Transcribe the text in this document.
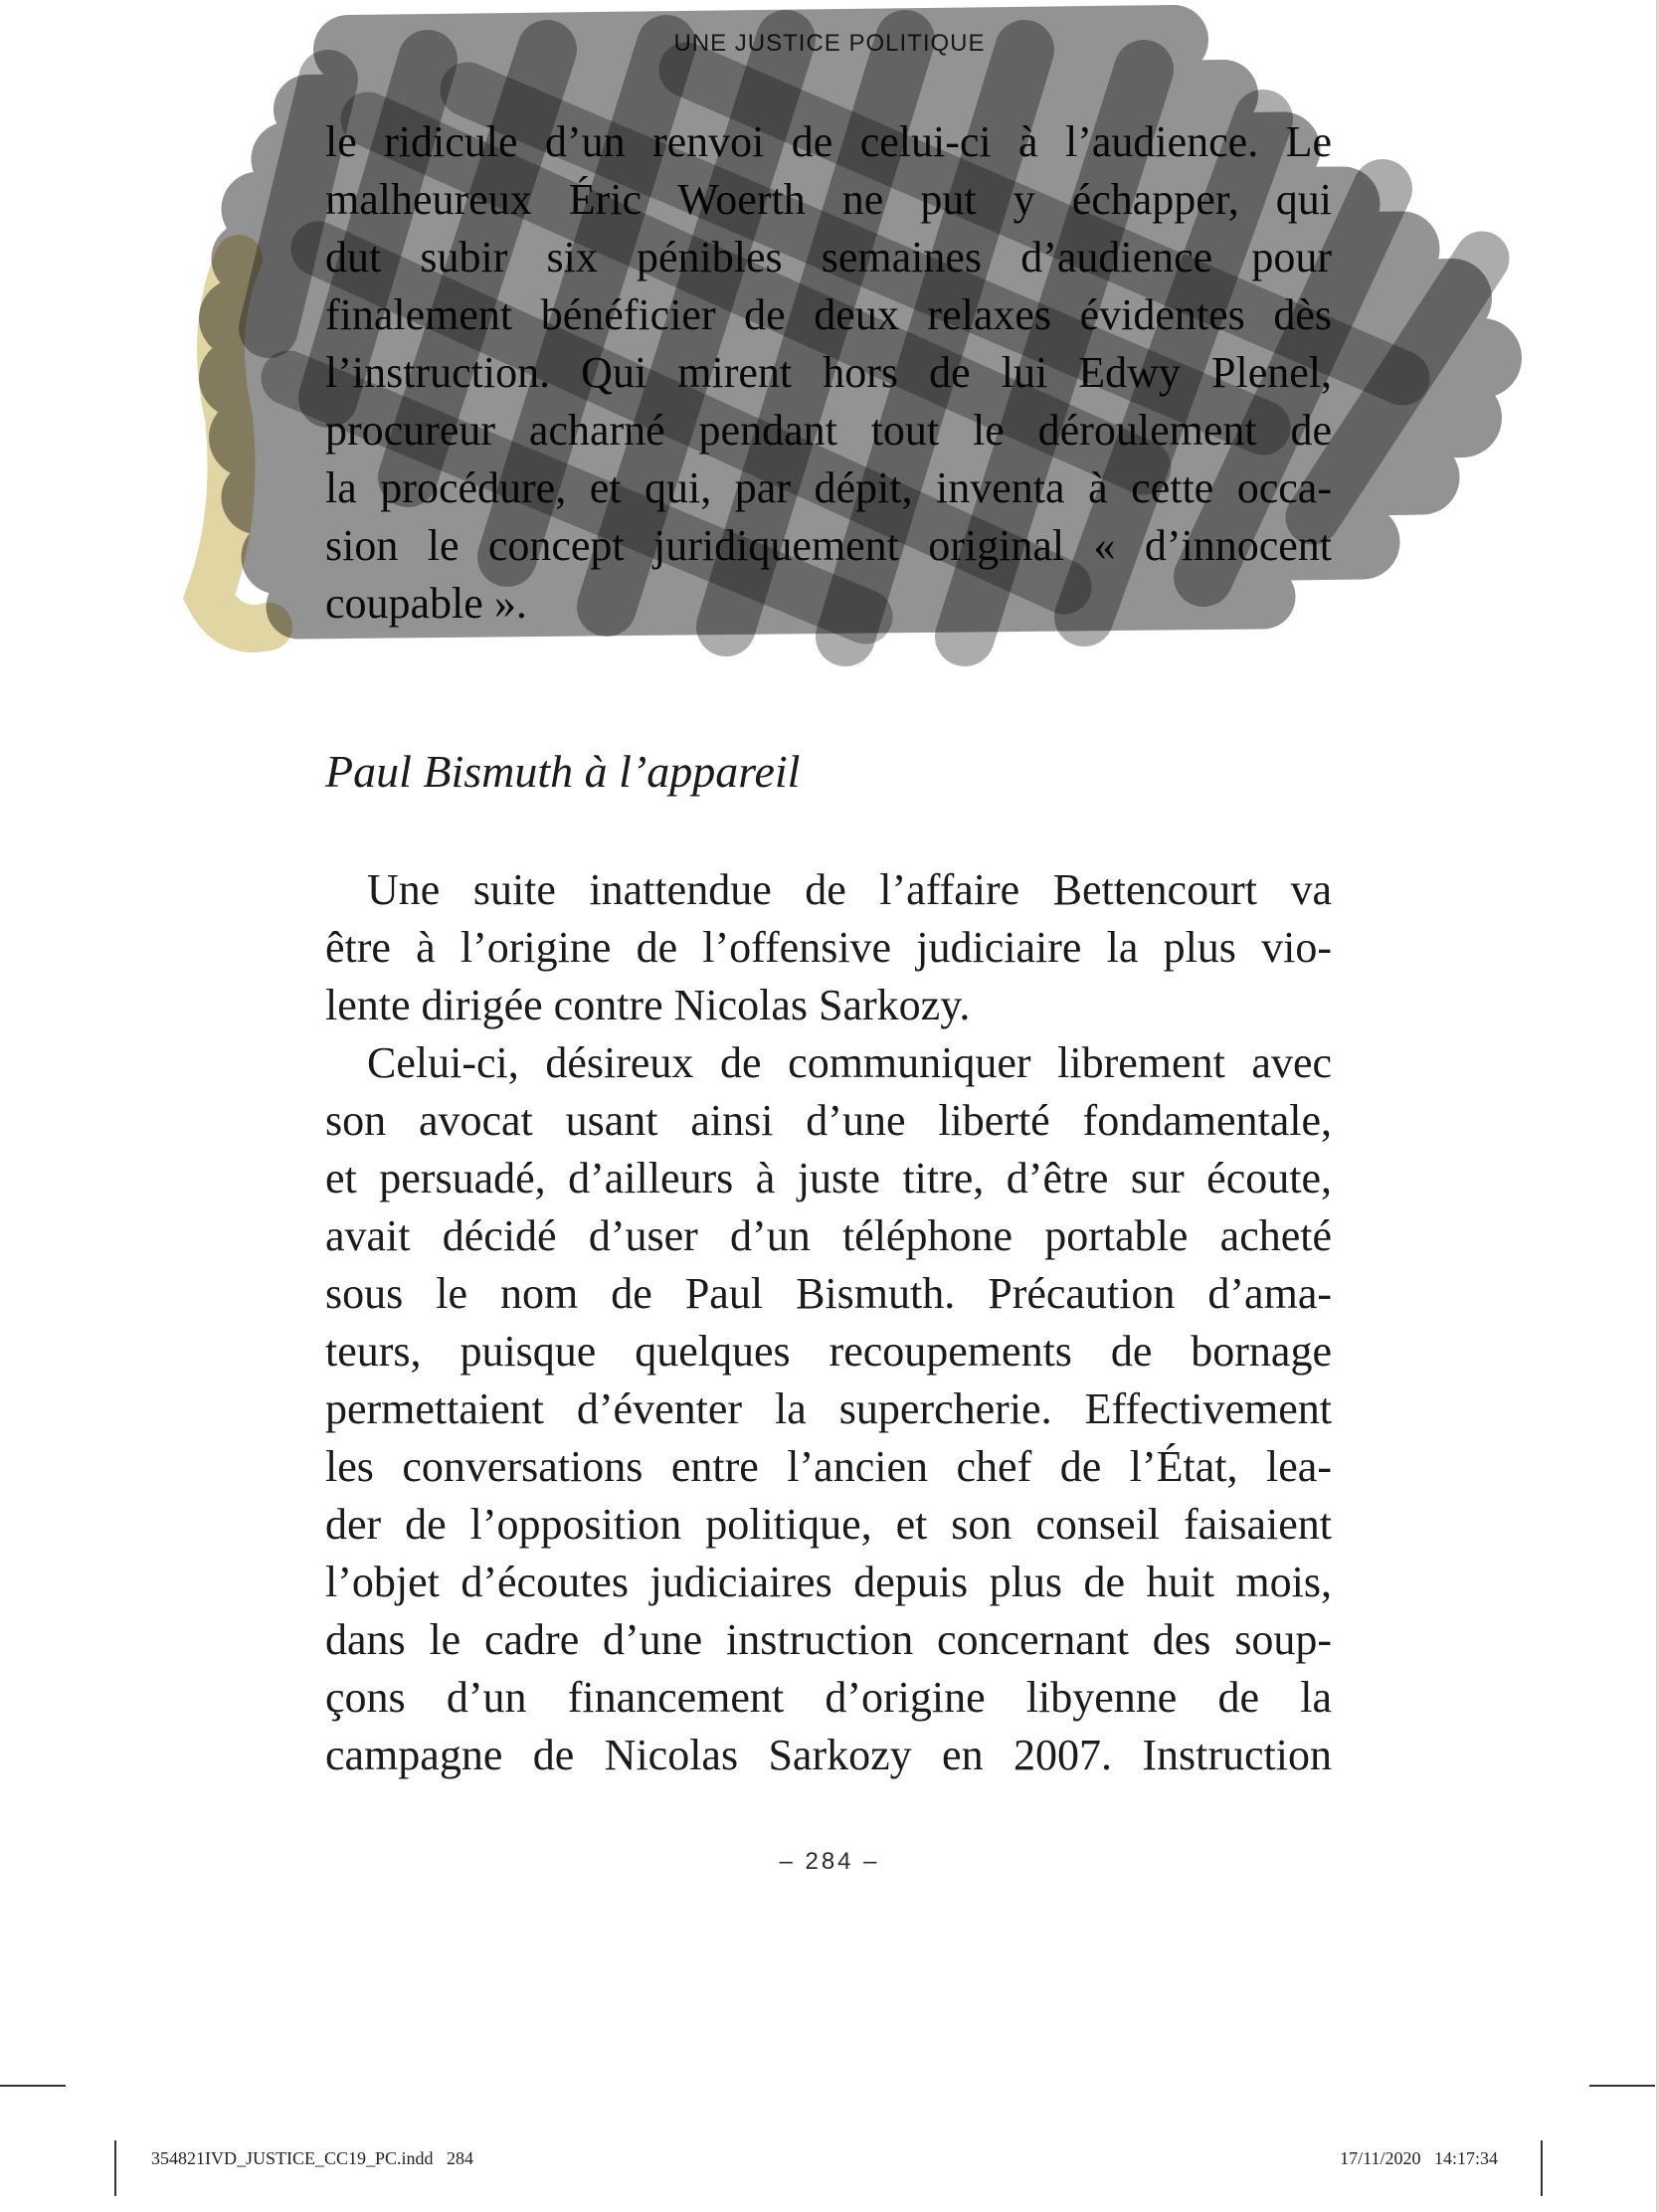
UNE JUSTICE POLITIQUE
le ridicule d’un renvoi de celui-ci à l’audience. Le
malheureux Éric Woerth ne put y échapper, qui
dut subir six pénibles semaines d’audience pour
finalement bénéficier de deux relaxes évidentes dès
l’instruction. Qui mirent hors de lui Edwy Plenel,
procureur acharné pendant tout le déroulement de
la procédure, et qui, par dépit, inventa à cette occa-
sion le concept juridiquement original « d’innocent
coupable ».
Paul Bismuth à l’appareil
Une suite inattendue de l’affaire Bettencourt va
être à l’origine de l’offensive judiciaire la plus vio-
lente dirigée contre Nicolas Sarkozy.
Celui-ci, désireux de communiquer librement avec
son avocat usant ainsi d’une liberté fondamentale,
et persuadé, d’ailleurs à juste titre, d’être sur écoute,
avait décidé d’user d’un téléphone portable acheté
sous le nom de Paul Bismuth. Précaution d’ama-
teurs, puisque quelques recoupements de bornage
permettaient d’éventer la supercherie. Effectivement
les conversations entre l’ancien chef de l’État, lea-
der de l’opposition politique, et son conseil faisaient
l’objet d’écoutes judiciaires depuis plus de huit mois,
dans le cadre d’une instruction concernant des soup-
çons d’un financement d’origine libyenne de la
campagne de Nicolas Sarkozy en 2007. Instruction
– 284 –
354821IVD_JUSTICE_CC19_PC.indd   284	17/11/2020   14:17:34
